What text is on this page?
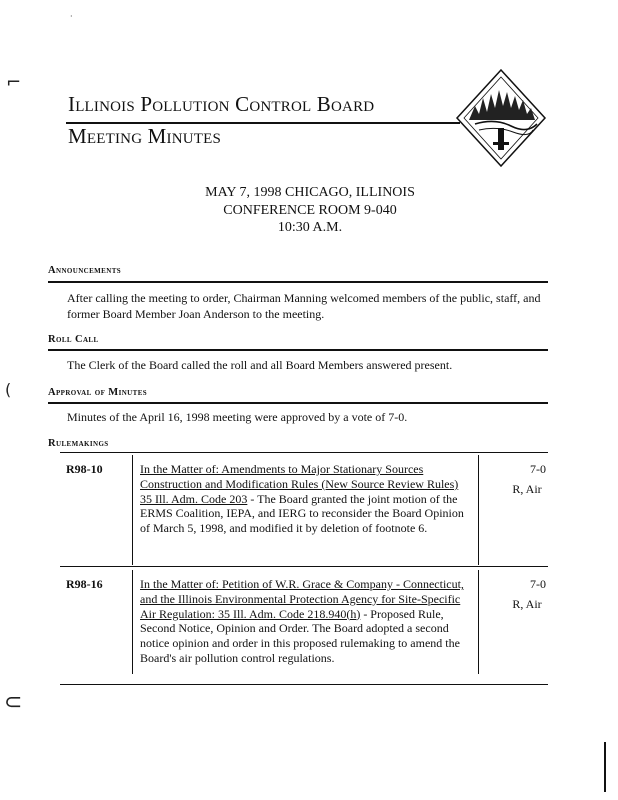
·
⌐
(
⊂
Illinois Pollution Control Board
Meeting Minutes
MAY 7, 1998 CHICAGO, ILLINOIS
CONFERENCE ROOM 9-040
10:30 A.M.
Announcements
After calling the meeting to order, Chairman Manning welcomed members of the public, staff, and former Board Member Joan Anderson to the meeting.
Roll Call
The Clerk of the Board called the roll and all Board Members answered present.
Approval of Minutes
Minutes of the April 16, 1998 meeting were approved by a vote of 7-0.
Rulemakings
R98-10	In the Matter of: Amendments to Major Stationary Sources Construction and Modification Rules (New Source Review Rules) 35 Ill. Adm. Code 203 - The Board granted the joint motion of the ERMS Coalition, IEPA, and IERG to reconsider the Board Opinion of March 5, 1998, and modified it by deletion of footnote 6.
7-0
R, Air
R98-16	In the Matter of: Petition of W.R. Grace & Company - Connecticut, and the Illinois Environmental Protection Agency for Site-Specific Air Regulation: 35 Ill. Adm. Code 218.940(h) - Proposed Rule, Second Notice, Opinion and Order. The Board adopted a second notice opinion and order in this proposed rulemaking to amend the Board's air pollution control regulations.
7-0
R, Air
